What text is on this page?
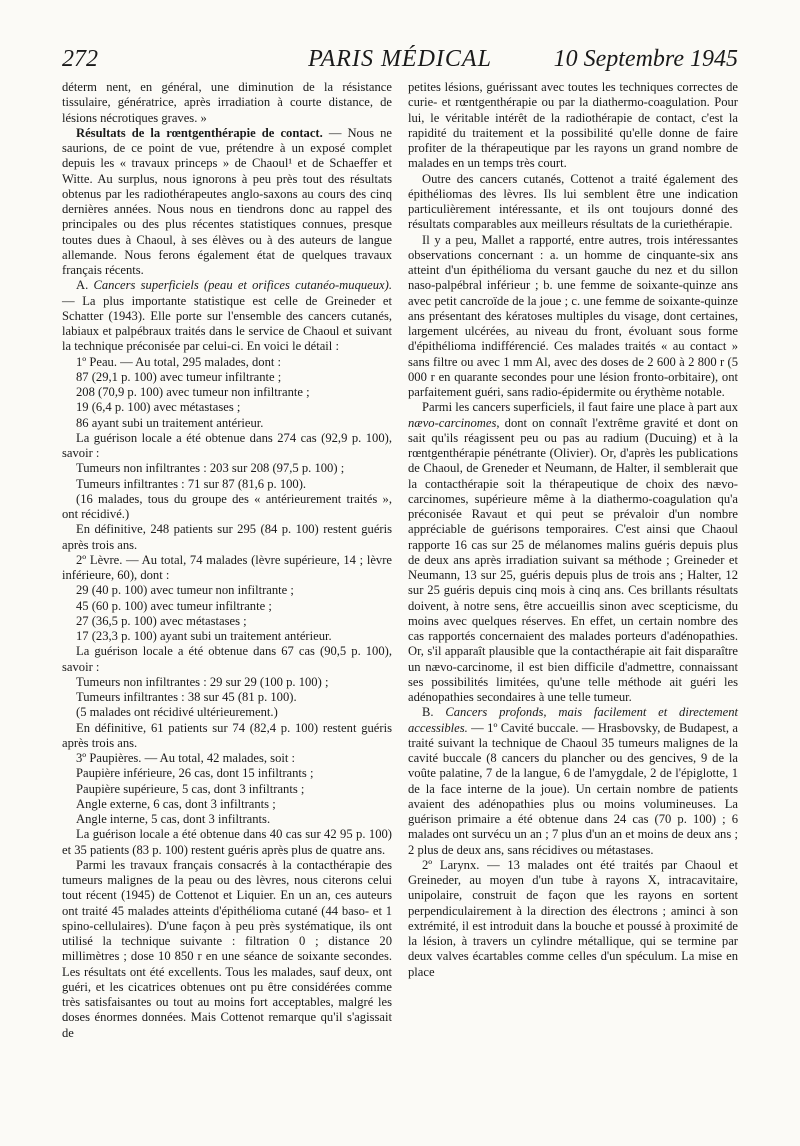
272	PARIS MÉDICAL	10 Septembre 1945

déterm nent, en général, une diminution de la résistance tissulaire, génératrice, après irradiation à courte distance, de lésions nécrotiques graves. »

Résultats de la rœntgenthérapie de contact. — Nous ne saurions, de ce point de vue, prétendre à un exposé complet depuis les « travaux princeps » de Chaoul¹ et de Schaeffer et Witte. Au surplus, nous ignorons à peu près tout des résultats obtenus par les radiothérapeutes anglo-saxons au cours des cinq dernières années. Nous nous en tiendrons donc au rappel des principales ou des plus récentes statistiques connues, presque toutes dues à Chaoul, à ses élèves ou à des auteurs de langue allemande. Nous ferons également état de quelques travaux français récents.

A. Cancers superficiels (peau et orifices cutanéo-muqueux). — La plus importante statistique est celle de Greineder et Schatter (1943). Elle porte sur l'ensemble des cancers cutanés, labiaux et palpébraux traités dans le service de Chaoul et suivant la technique préconisée par celui-ci. En voici le détail :

1º Peau. — Au total, 295 malades, dont :

87 (29,1 p. 100) avec tumeur infiltrante ;

208 (70,9 p. 100) avec tumeur non infiltrante ;

19 (6,4 p. 100) avec métastases ;

86 ayant subi un traitement antérieur.

La guérison locale a été obtenue dans 274 cas (92,9 p. 100), savoir :

Tumeurs non infiltrantes : 203 sur 208 (97,5 p. 100) ;

Tumeurs infiltrantes : 71 sur 87 (81,6 p. 100).

(16 malades, tous du groupe des « antérieurement traités », ont récidivé.)

En définitive, 248 patients sur 295 (84 p. 100) restent guéris après trois ans.

2º Lèvre. — Au total, 74 malades (lèvre supérieure, 14 ; lèvre inférieure, 60), dont :

29 (40 p. 100) avec tumeur non infiltrante ;

45 (60 p. 100) avec tumeur infiltrante ;

27 (36,5 p. 100) avec métastases ;

17 (23,3 p. 100) ayant subi un traitement antérieur.

La guérison locale a été obtenue dans 67 cas (90,5 p. 100), savoir :

Tumeurs non infiltrantes : 29 sur 29 (100 p. 100) ;

Tumeurs infiltrantes : 38 sur 45 (81 p. 100).

(5 malades ont récidivé ultérieurement.)

En définitive, 61 patients sur 74 (82,4 p. 100) restent guéris après trois ans.

3º Paupières. — Au total, 42 malades, soit :

Paupière inférieure, 26 cas, dont 15 infiltrants ;

Paupière supérieure, 5 cas, dont 3 infiltrants ;

Angle externe, 6 cas, dont 3 infiltrants ;

Angle interne, 5 cas, dont 3 infiltrants.

La guérison locale a été obtenue dans 40 cas sur 42 95 p. 100) et 35 patients (83 p. 100) restent guéris après plus de quatre ans.

Parmi les travaux français consacrés à la contacthérapie des tumeurs malignes de la peau ou des lèvres, nous citerons celui tout récent (1945) de Cottenot et Liquier. En un an, ces auteurs ont traité 45 malades atteints d'épithélioma cutané (44 baso- et 1 spino-cellulaires). D'une façon à peu près systématique, ils ont utilisé la technique suivante : filtration 0 ; distance 20 millimètres ; dose 10 850 r en une séance de soixante secondes. Les résultats ont été excellents. Tous les malades, sauf deux, ont guéri, et les cicatrices obtenues ont pu être considérées comme très satisfaisantes ou tout au moins fort acceptables, malgré les doses énormes données. Mais Cottenot remarque qu'il s'agissait de

petites lésions, guérissant avec toutes les techniques correctes de curie- et rœntgenthérapie ou par la diathermo-coagulation. Pour lui, le véritable intérêt de la radiothérapie de contact, c'est la rapidité du traitement et la possibilité qu'elle donne de faire profiter de la thérapeutique par les rayons un grand nombre de malades en un temps très court.

Outre des cancers cutanés, Cottenot a traité également des épithéliomas des lèvres. Ils lui semblent être une indication particulièrement intéressante, et ils ont toujours donné des résultats comparables aux meilleurs résultats de la curiethérapie.

Il y a peu, Mallet a rapporté, entre autres, trois intéressantes observations concernant : a. un homme de cinquante-six ans atteint d'un épithélioma du versant gauche du nez et du sillon naso-palpébral inférieur ; b. une femme de soixante-quinze ans avec petit cancroïde de la joue ; c. une femme de soixante-quinze ans présentant des kératoses multiples du visage, dont certaines, largement ulcérées, au niveau du front, évoluant sous forme d'épithélioma indifférencié. Ces malades traités « au contact » sans filtre ou avec 1 mm Al, avec des doses de 2 600 à 2 800 r (5 000 r en quarante secondes pour une lésion fronto-orbitaire), ont parfaitement guéri, sans radio-épidermite ou érythème notable.

Parmi les cancers superficiels, il faut faire une place à part aux nævo-carcinomes, dont on connaît l'extrême gravité et dont on sait qu'ils réagissent peu ou pas au radium (Ducuing) et à la rœntgenthérapie pénétrante (Olivier). Or, d'après les publications de Chaoul, de Greneder et Neumann, de Halter, il semblerait que la contacthérapie soit la thérapeutique de choix des nævo-carcinomes, supérieure même à la diathermo-coagulation qu'a préconisée Ravaut et qui peut se prévaloir d'un nombre appréciable de guérisons temporaires. C'est ainsi que Chaoul rapporte 16 cas sur 25 de mélanomes malins guéris depuis plus de deux ans après irradiation suivant sa méthode ; Greineder et Neumann, 13 sur 25, guéris depuis plus de trois ans ; Halter, 12 sur 25 guéris depuis cinq mois à cinq ans. Ces brillants résultats doivent, à notre sens, être accueillis sinon avec scepticisme, du moins avec quelques réserves. En effet, un certain nombre des cas rapportés concernaient des malades porteurs d'adénopathies. Or, s'il apparaît plausible que la contacthérapie ait fait disparaître un nævo-carcinome, il est bien difficile d'admettre, connaissant ses possibilités limitées, qu'une telle méthode ait guéri les adénopathies secondaires à une telle tumeur.

B. Cancers profonds, mais facilement et directement accessibles. — 1º Cavité buccale. — Hrasbovsky, de Budapest, a traité suivant la technique de Chaoul 35 tumeurs malignes de la cavité buccale (8 cancers du plancher ou des gencives, 9 de la voûte palatine, 7 de la langue, 6 de l'amygdale, 2 de l'épiglotte, 1 de la face interne de la joue). Un certain nombre de patients avaient des adénopathies plus ou moins volumineuses. La guérison primaire a été obtenue dans 24 cas (70 p. 100) ; 6 malades ont survécu un an ; 7 plus d'un an et moins de deux ans ; 2 plus de deux ans, sans récidives ou métastases.

2º Larynx. — 13 malades ont été traités par Chaoul et Greineder, au moyen d'un tube à rayons X, intracavitaire, unipolaire, construit de façon que les rayons en sortent perpendiculairement à la direction des électrons ; aminci à son extrémité, il est introduit dans la bouche et poussé à proximité de la lésion, à travers un cylindre métallique, qui se termine par deux valves écartables comme celles d'un spéculum. La mise en place
